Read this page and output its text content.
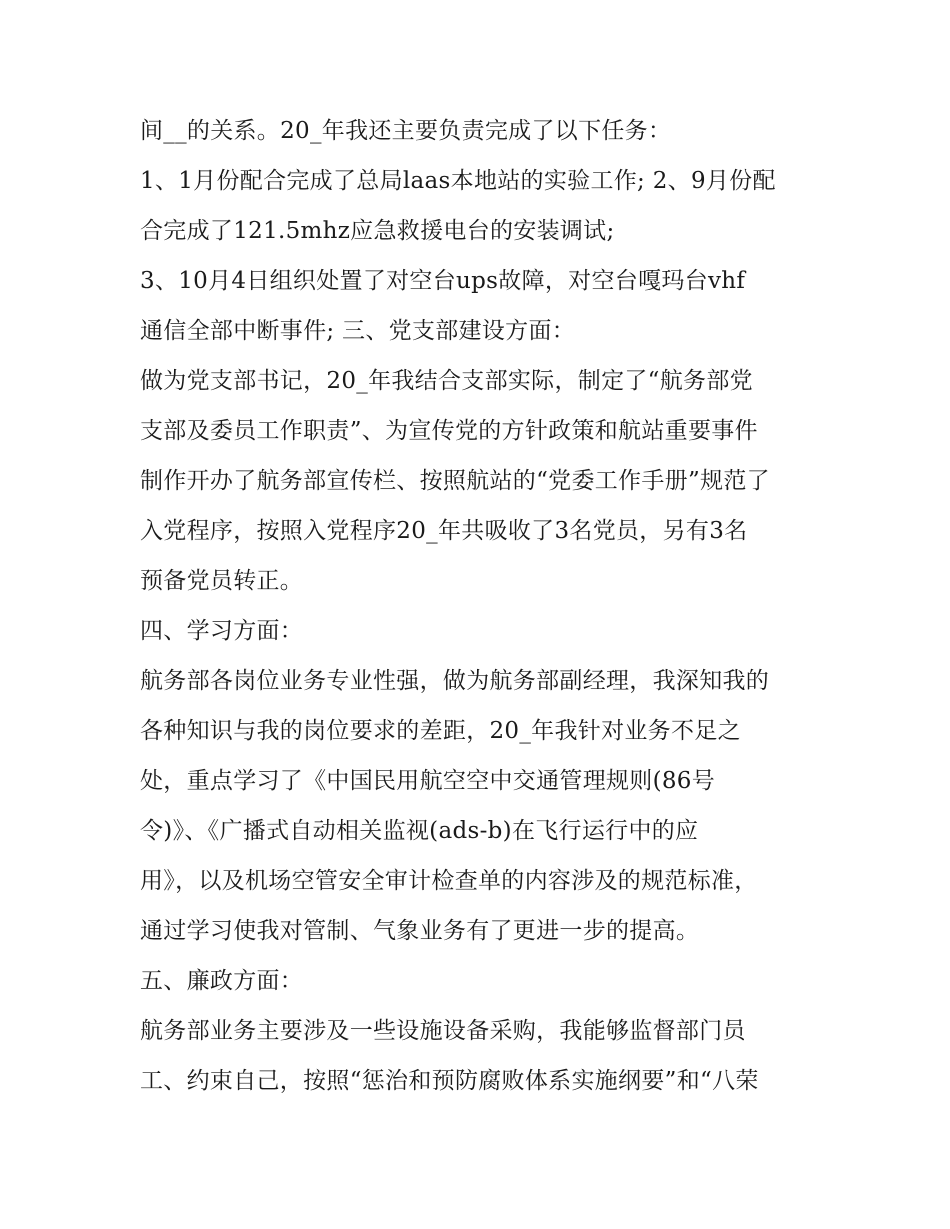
间__的关系。20_年我还主要负责完成了以下任务：
1、1月份配合完成了总局laas本地站的实验工作; 2、9月份配
合完成了121.5mhz应急救援电台的安装调试;
3、10月4日组织处置了对空台ups故障，对空台嘎玛台vhf
通信全部中断事件; 三、党支部建设方面：
做为党支部书记，20_年我结合支部实际，制定了“航务部党
支部及委员工作职责”、为宣传党的方针政策和航站重要事件
制作开办了航务部宣传栏、按照航站的“党委工作手册”规范了
入党程序，按照入党程序20_年共吸收了3名党员，另有3名
预备党员转正。
四、学习方面：
航务部各岗位业务专业性强，做为航务部副经理，我深知我的
各种知识与我的岗位要求的差距，20_年我针对业务不足之
处，重点学习了《中国民用航空空中交通管理规则(86号
令)》、《广播式自动相关监视(ads-b)在飞行运行中的应
用》，以及机场空管安全审计检查单的内容涉及的规范标准，
通过学习使我对管制、气象业务有了更进一步的提高。
五、廉政方面：
航务部业务主要涉及一些设施设备采购，我能够监督部门员
工、约束自己，按照“惩治和预防腐败体系实施纲要”和“八荣
